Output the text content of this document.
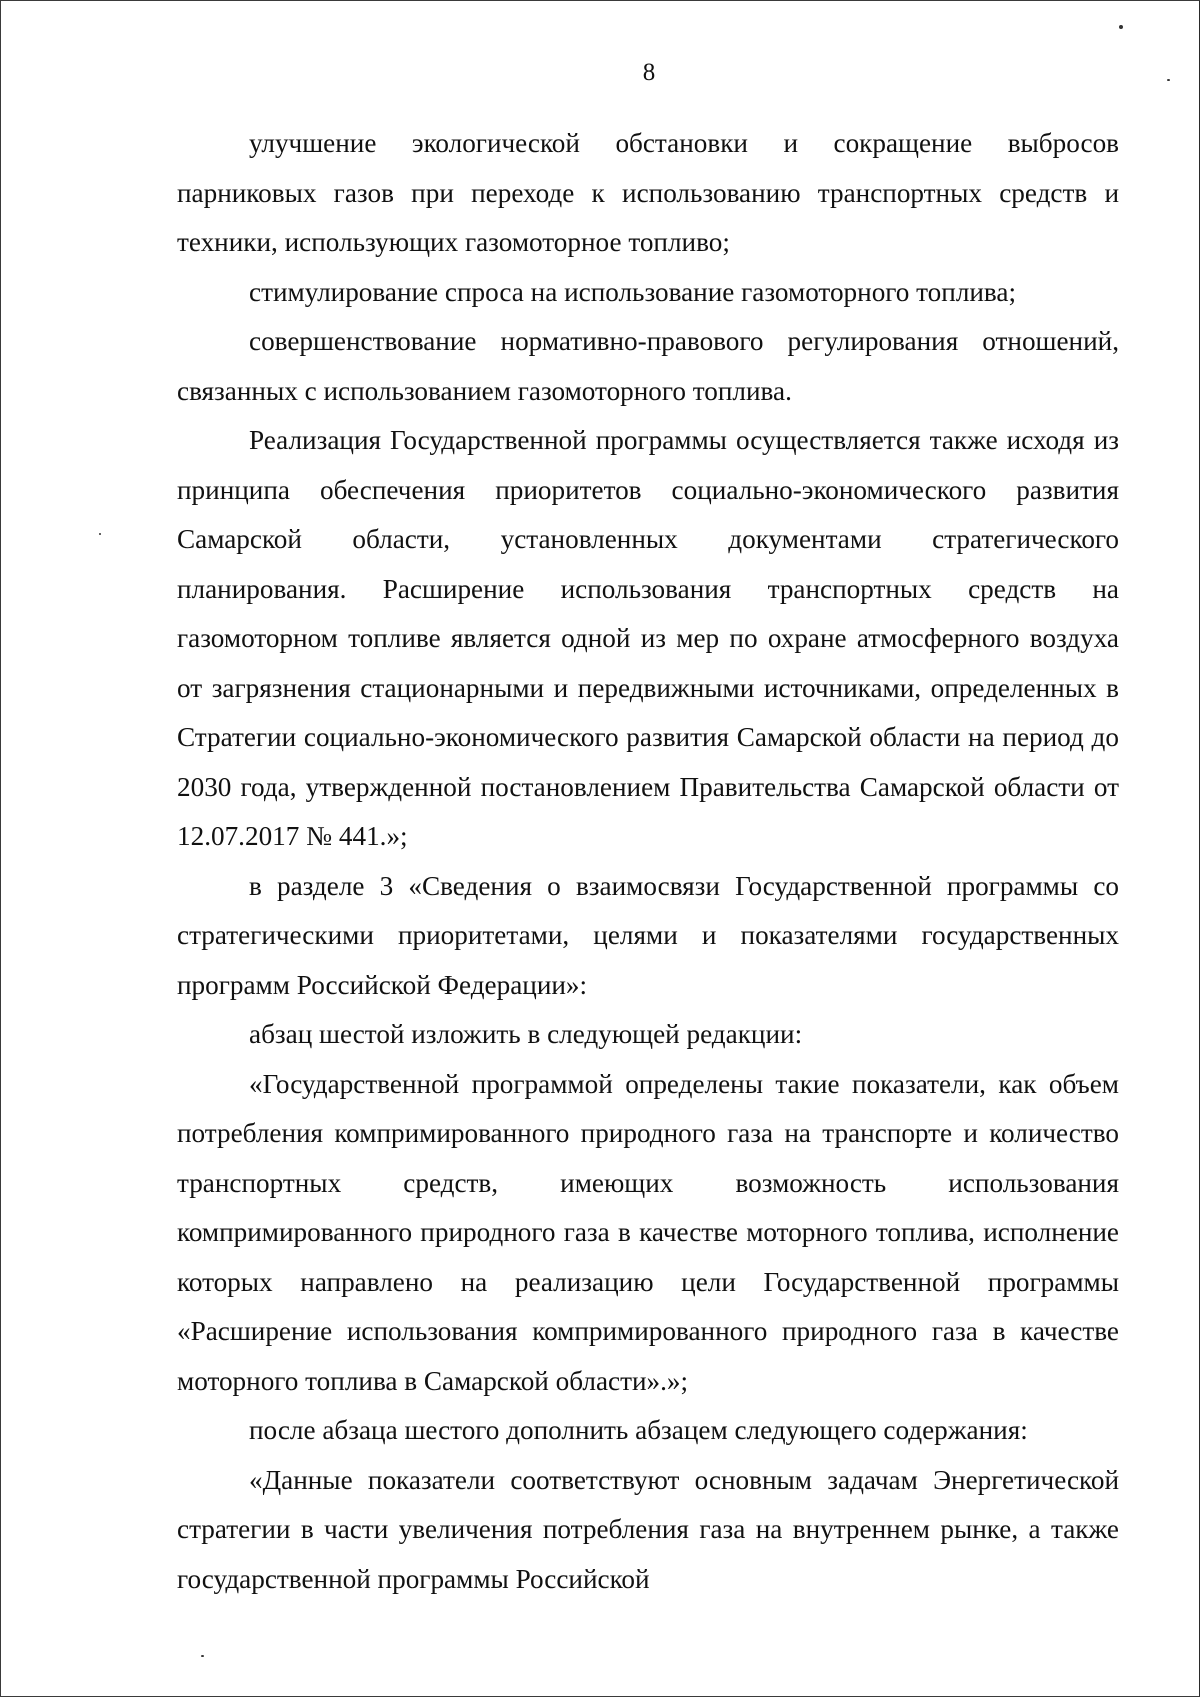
8

улучшение экологической обстановки и сокращение выбросов парниковых газов при переходе к использованию транспортных средств и техники, использующих газомоторное топливо;

стимулирование спроса на использование газомоторного топлива;

совершенствование нормативно-правового регулирования отношений, связанных с использованием газомоторного топлива.

Реализация Государственной программы осуществляется также исходя из принципа обеспечения приоритетов социально-экономического развития Самарской области, установленных документами стратегического планирования. Расширение использования транспортных средств на газомоторном топливе является одной из мер по охране атмосферного воздуха от загрязнения стационарными и передвижными источниками, определенных в Стратегии социально-экономического развития Самарской области на период до 2030 года, утвержденной постановлением Правительства Самарской области от 12.07.2017 № 441.»;

в разделе 3 «Сведения о взаимосвязи Государственной программы со стратегическими приоритетами, целями и показателями государственных программ Российской Федерации»:

абзац шестой изложить в следующей редакции:

«Государственной программой определены такие показатели, как объем потребления компримированного природного газа на транспорте и количество транспортных средств, имеющих возможность использования компримированного природного газа в качестве моторного топлива, исполнение которых направлено на реализацию цели Государственной программы «Расширение использования компримированного природного газа в качестве моторного топлива в Самарской области».»;

после абзаца шестого дополнить абзацем следующего содержания:

«Данные показатели соответствуют основным задачам Энергетической стратегии в части увеличения потребления газа на внутреннем рынке, а также государственной программы Российской
